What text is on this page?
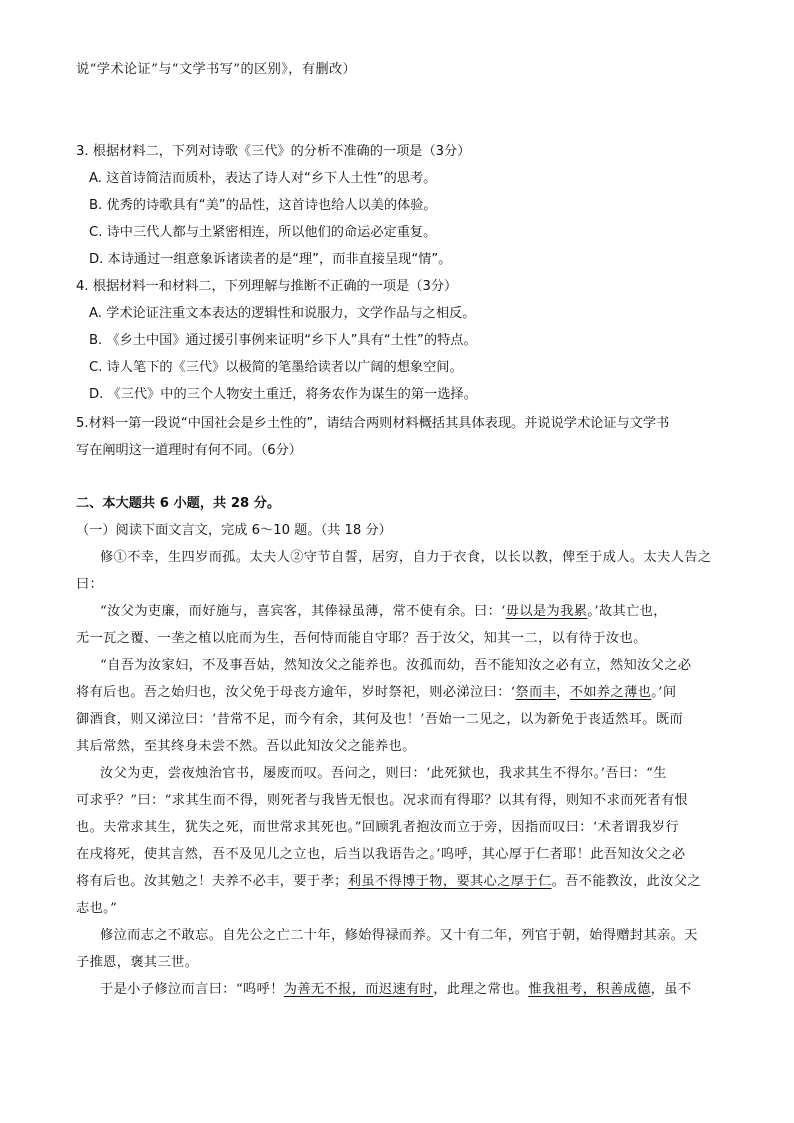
说“学术论证”与“文学书写”的区别》，有删改）
3. 根据材料二，下列对诗歌《三代》的分析不准确的一项是（3分）
A. 这首诗简洁而质朴，表达了诗人对“乡下人土性”的思考。
B. 优秀的诗歌具有“美”的品性，这首诗也给人以美的体验。
C. 诗中三代人都与土紧密相连，所以他们的命运必定重复。
D. 本诗通过一组意象诉诸读者的是“理”，而非直接呈现“情”。
4. 根据材料一和材料二，下列理解与推断不正确的一项是（3分）
A. 学术论证注重文本表达的逻辑性和说服力，文学作品与之相反。
B. 《乡土中国》通过援引事例来证明“乡下人”具有“土性”的特点。
C. 诗人笔下的《三代》以极简的笔墨给读者以广阔的想象空间。
D. 《三代》中的三个人物安土重迁，将务农作为谋生的第一选择。
5.材料一第一段说“中国社会是乡土性的”，请结合两则材料概括其具体表现。并说说学术论证与文学书
写在阐明这一道理时有何不同。（6分）
二、本大题共 6 小题，共 28 分。
（一）阅读下面文言文，完成 6～10 题。（共 18 分）
修①不幸，生四岁而孤。太夫人②守节自誓，居穷，自力于衣食，以长以教，俾至于成人。太夫人告之
曰：
“汝父为吏廉，而好施与，喜宾客，其俸禄虽薄，常不使有余。曰：‘毋以是为我累。’故其亡也，
无一瓦之覆、一垄之植以庇而为生，吾何恃而能自守耶？吾于汝父，知其一二，以有待于汝也。
“自吾为汝家妇，不及事吾姑，然知汝父之能养也。汝孤而幼，吾不能知汝之必有立，然知汝父之必
将有后也。吾之始归也，汝父免于母丧方逾年，岁时祭祀，则必涕泣曰：‘祭而丰，不如养之薄也。’间
御酒食，则又涕泣曰：‘昔常不足，而今有余，其何及也！’吾始一二见之，以为新免于丧适然耳。既而
其后常然，至其终身未尝不然。吾以此知汝父之能养也。
汝父为吏，尝夜烛治官书，屡废而叹。吾问之，则曰：‘此死狱也，我求其生不得尔。’吾曰：“生
可求乎？”曰：“求其生而不得，则死者与我皆无恨也。况求而有得耶？以其有得，则知不求而死者有恨
也。夫常求其生，犹失之死，而世常求其死也。”回顾乳者抱汝而立于旁，因指而叹曰：‘术者谓我岁行
在戌将死，使其言然，吾不及见儿之立也，后当以我语告之。’呜呼，其心厚于仁者耶！此吾知汝父之必
将有后也。汝其勉之！夫养不必丰，要于孝；利虽不得博于物，要其心之厚于仁。吾不能教汝，此汝父之
志也。”
修泣而志之不敢忘。自先公之亡二十年，修始得禄而养。又十有二年，列官于朝，始得赠封其亲。天
子推恩，褒其三世。
于是小子修泣而言曰：“呜呼！为善无不报，而迟速有时，此理之常也。惟我祖考，积善成德，虽不
